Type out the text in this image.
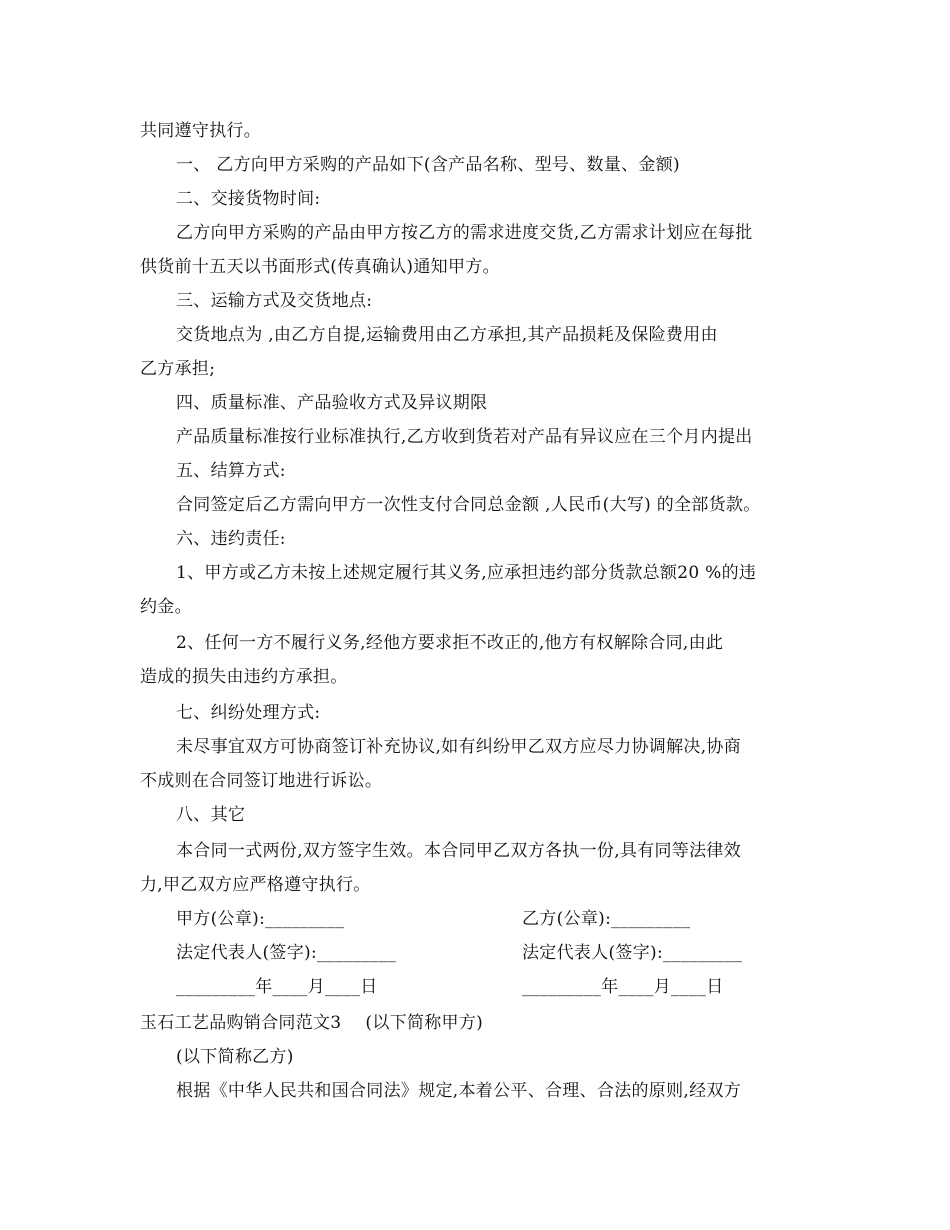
共同遵守执行。
一、 乙方向甲方采购的产品如下(含产品名称、型号、数量、金额)
二、交接货物时间:
乙方向甲方采购的产品由甲方按乙方的需求进度交货,乙方需求计划应在每批
供货前十五天以书面形式(传真确认)通知甲方。
三、运输方式及交货地点:
交货地点为 ,由乙方自提,运输费用由乙方承担,其产品损耗及保险费用由
乙方承担;
四、质量标准、产品验收方式及异议期限
产品质量标准按行业标准执行,乙方收到货若对产品有异议应在三个月内提出
五、结算方式:
合同签定后乙方需向甲方一次性支付合同总金额 ,人民币(大写) 的全部货款。
六、违约责任:
1、甲方或乙方未按上述规定履行其义务,应承担违约部分货款总额20 %的违
约金。
2、任何一方不履行义务,经他方要求拒不改正的,他方有权解除合同,由此
造成的损失由违约方承担。
七、纠纷处理方式:
未尽事宜双方可协商签订补充协议,如有纠纷甲乙双方应尽力协调解决,协商
不成则在合同签订地进行诉讼。
八、其它
本合同一式两份,双方签字生效。本合同甲乙双方各执一份,具有同等法律效
力,甲乙双方应严格遵守执行。
甲方(公章):_________	乙方(公章):_________
法定代表人(签字):_________	法定代表人(签字):_________
_________年____月____日	_________年____月____日
玉石工艺品购销合同范文3 (以下简称甲方)
(以下简称乙方)
根据《中华人民共和国合同法》规定,本着公平、合理、合法的原则,经双方
